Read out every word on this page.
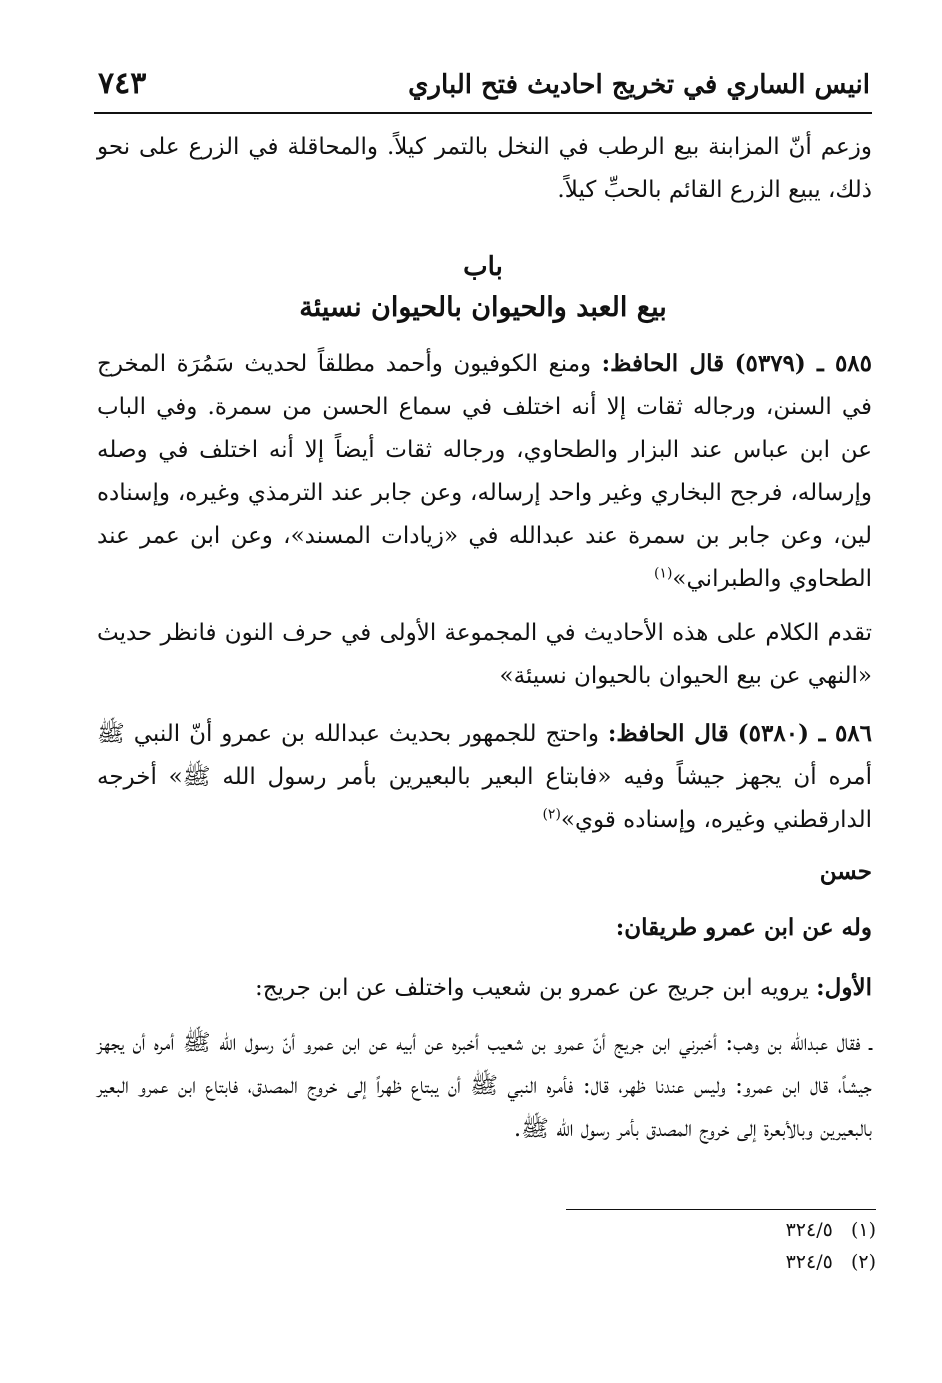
انيس الساري في تخريج احاديث فتح الباري
٧٤٣
وزعم أنّ المزابنة بيع الرطب في النخل بالتمر كيلاً. والمحاقلة في الزرع على نحو ذلك، يبيع الزرع القائم بالحبِّ كيلاً.
باب
بيع العبد والحيوان بالحيوان نسيئة
٥٨٥ ـ (٥٣٧٩) قال الحافظ: ومنع الكوفيون وأحمد مطلقاً لحديث سَمُرَة المخرج في السنن، ورجاله ثقات إلا أنه اختلف في سماع الحسن من سمرة. وفي الباب عن ابن عباس عند البزار والطحاوي، ورجاله ثقات أيضاً إلا أنه اختلف في وصله وإرساله، فرجح البخاري وغير واحد إرساله، وعن جابر عند الترمذي وغيره، وإسناده لين، وعن جابر بن سمرة عند عبدالله في «زيادات المسند»، وعن ابن عمر عند الطحاوي والطبراني»$^{(١)}$
تقدم الكلام على هذه الأحاديث في المجموعة الأولى في حرف النون فانظر حديث «النهي عن بيع الحيوان بالحيوان نسيئة»
٥٨٦ ـ (٥٣٨٠) قال الحافظ: واحتج للجمهور بحديث عبدالله بن عمرو أنّ النبي ﷺ أمره أن يجهز جيشاً وفيه «فابتاع البعير بالبعيرين بأمر رسول الله ﷺ» أخرجه الدارقطني وغيره، وإسناده قوي»$^{(٢)}$
حسن
وله عن ابن عمرو طريقان:
الأول: يرويه ابن جريج عن عمرو بن شعيب واختلف عن ابن جريج:
ـ فقال عبدالله بن وهب: أخبرني ابن جريج أنّ عمرو بن شعيب أخبره عن أبيه عن ابن عمرو أنّ رسول الله ﷺ أمره أن يجهز جيشاً، قال ابن عمرو: وليس عندنا ظهر، قال: فأمره النبي ﷺ أن يبتاع ظهراً إلى خروج المصدق، فابتاع ابن عمرو البعير بالبعيرين وبالأبعرة إلى خروج المصدق بأمر رسول الله ﷺ.
(١)   ٣٢٤/٥
(٢)   ٣٢٤/٥
